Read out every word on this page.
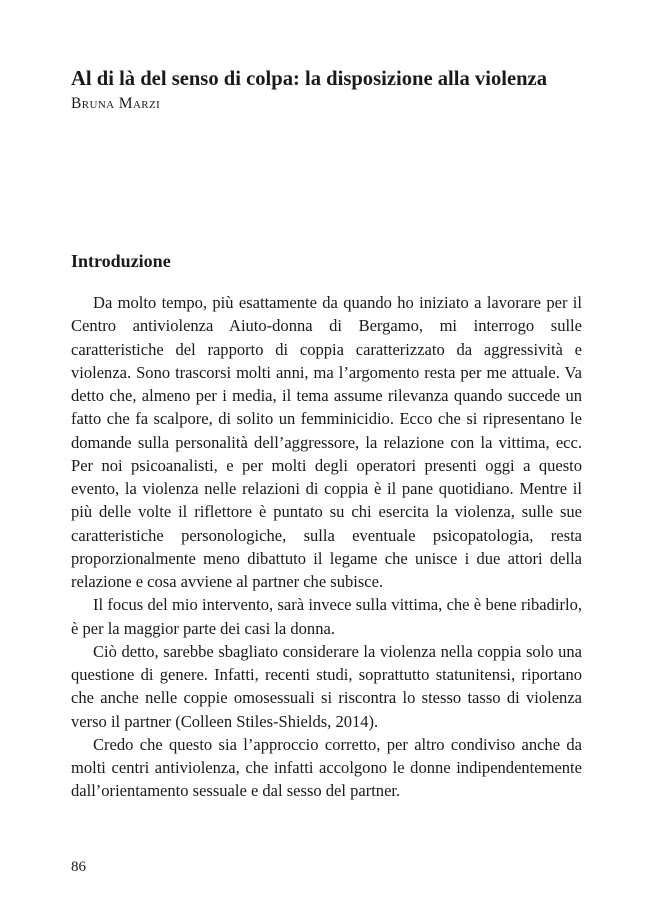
Al di là del senso di colpa: la disposizione alla violenza
Bruna Marzi
Introduzione

Da molto tempo, più esattamente da quando ho iniziato a lavorare per il Centro antiviolenza Aiuto-donna di Bergamo, mi interrogo sulle caratteristiche del rapporto di coppia caratterizzato da aggressività e violenza. Sono trascorsi molti anni, ma l’argomento resta per me attuale. Va detto che, almeno per i media, il tema assume rilevanza quando succede un fatto che fa scalpore, di solito un femminicidio. Ecco che si ripresentano le domande sulla personalità dell’aggressore, la relazione con la vittima, ecc. Per noi psicoanalisti, e per molti degli operatori presenti oggi a questo evento, la violenza nelle relazioni di coppia è il pane quotidiano. Mentre il più delle volte il riflettore è puntato su chi esercita la violenza, sulle sue caratteristiche personologiche, sulla eventuale psicopatologia, resta proporzionalmente meno dibattuto il legame che unisce i due attori della relazione e cosa avviene al partner che subisce.

Il focus del mio intervento, sarà invece sulla vittima, che è bene ribadirlo, è per la maggior parte dei casi la donna.

Ciò detto, sarebbe sbagliato considerare la violenza nella coppia solo una questione di genere. Infatti, recenti studi, soprattutto statunitensi, riportano che anche nelle coppie omosessuali si riscontra lo stesso tasso di violenza verso il partner (Colleen Stiles-Shields, 2014).

Credo che questo sia l’approccio corretto, per altro condiviso anche da molti centri antiviolenza, che infatti accolgono le donne indipendentemente dall’orientamento sessuale e dal sesso del partner.

86
